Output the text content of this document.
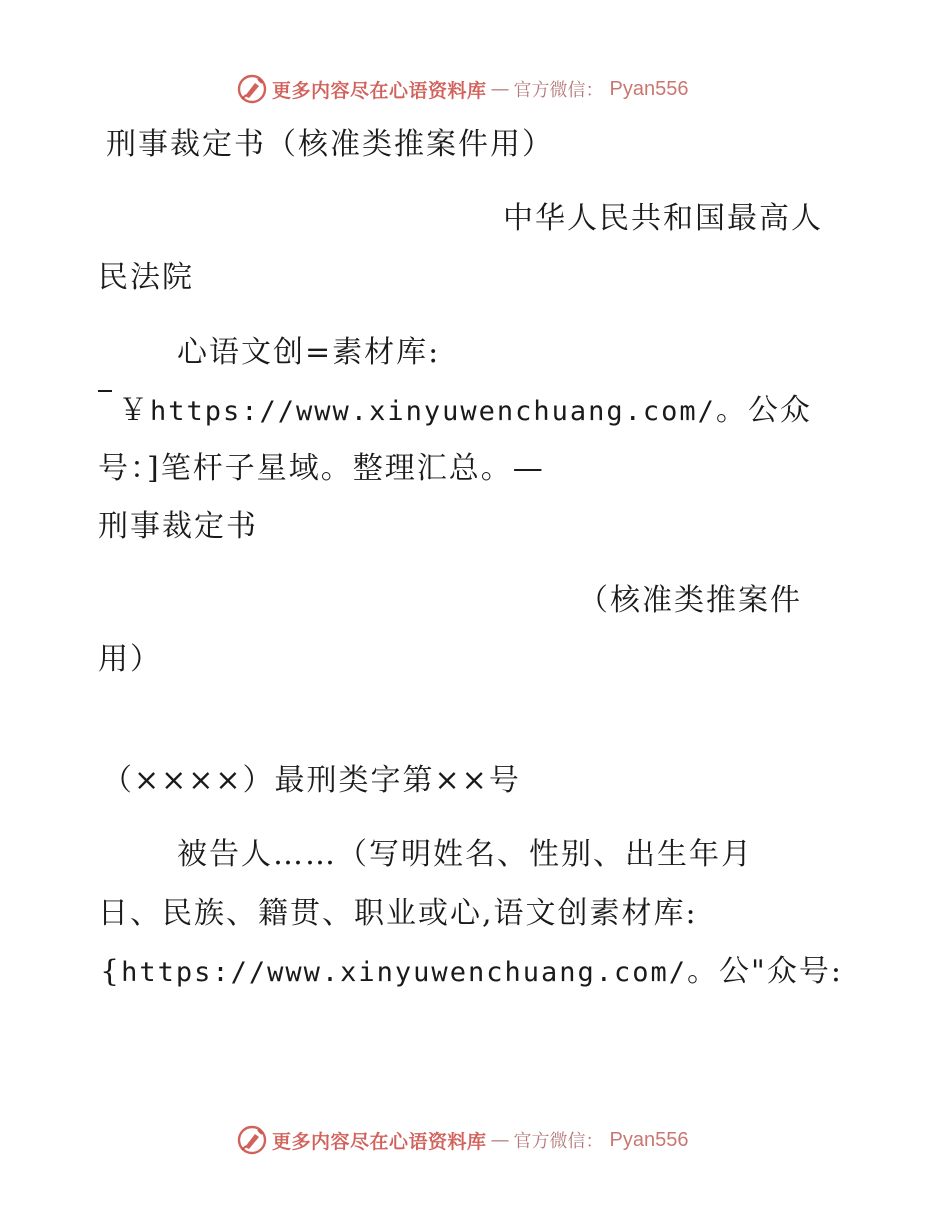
更多内容尽在心语资料库 — 官方微信： Pyan556
刑事裁定书（核准类推案件用）
中华人民共和国最高人
民法院
心语文创=素材库:
￥https://www.xinyuwenchuang.com/。公众
号：]笔杆子星域。整理汇总。—
刑事裁定书
（核准类推案件
用）
（××××）最刑类字第××号
被告人……（写明姓名、性别、出生年月
日、民族、籍贯、职业或心,语文创素材库:
{https://www.xinyuwenchuang.com/。公"众号:
更多内容尽在心语资料库 — 官方微信： Pyan556
